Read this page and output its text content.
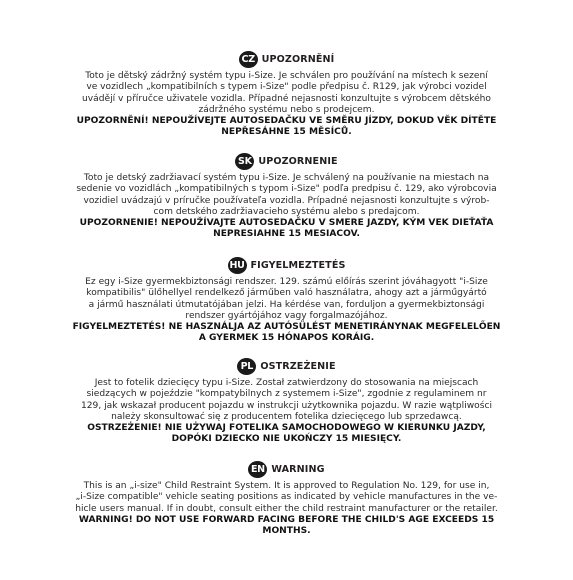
CZ UPOZORNĚNÍ
Toto je dětský zádržný systém typu i-Size. Je schválen pro používání na místech k sezení
ve vozidlech „kompatibilních s typem i-Size" podle předpisu č. R129, jak výrobci vozidel
uvádějí v příručce uživatele vozidla. Případné nejasnosti konzultujte s výrobcem dětského
zádržného systému nebo s prodejcem.
UPOZORNĚNÍ! NEPOUŽÍVEJTE AUTOSEDAČKU VE SMĚRU JÍZDY, DOKUD VĚK DÍTĚTE
NEPŘESÁHNE 15 MĚSÍCŮ.
SK UPOZORNENIE
Toto je detský zadržiavací systém typu i-Size. Je schválený na používanie na miestach na
sedenie vo vozidlách „kompatibilných s typom i-Size" podľa predpisu č. 129, ako výrobcovia
vozidiel uvádzajú v príručke používateľa vozidla. Prípadné nejasnosti konzultujte s výrob-
com detského zadržiavacieho systému alebo s predajcom.
UPOZORNENIE! NEPOUŽÍVAJTE AUTOSEDAČKU V SMERE JAZDY, KÝM VEK DIEŤAŤA
NEPRESIAHNE 15 MESIACOV.
HU FIGYELMEZTETÉS
Ez egy i-Size gyermekbiztonsági rendszer. 129. számú előírás szerint jóváhagyott "i-Size
kompatibilis" ülőhellyel rendelkező járműben való használatra, ahogy azt a járműgyártó
a jármű használati útmutatójában jelzi. Ha kérdése van, forduljon a gyermekbiztonsági
rendszer gyártójához vagy forgalmazójához.
FIGYELMEZTETÉS! NE HASZNÁLJA AZ AUTÓSÜLÉST MENETIRÁNYNAK MEGFELELŐEN
A GYERMEK 15 HÓNAPOS KORÁIG.
PL OSTRZEŻENIE
Jest to fotelik dziecięcy typu i-Size. Został zatwierdzony do stosowania na miejscach
siedzących w pojeździe "kompatybilnych z systemem i-Size", zgodnie z regulaminem nr
129, jak wskazał producent pojazdu w instrukcji użytkownika pojazdu. W razie wątpliwości
należy skonsultować się z producentem fotelika dziecięcego lub sprzedawcą.
OSTRZEŻENIE! NIE UŻYWAJ FOTELIKA SAMOCHODOWEGO W KIERUNKU JAZDY,
DOPÓKI DZIECKO NIE UKOŃCZY 15 MIESIĘCY.
EN WARNING
This is an „i-size" Child Restraint System. It is approved to Regulation No. 129, for use in,
„i-Size compatible" vehicle seating positions as indicated by vehicle manufactures in the ve-
hicle users manual. If in doubt, consult either the child restraint manufacturer or the retailer.
WARNING! DO NOT USE FORWARD FACING BEFORE THE CHILD'S AGE EXCEEDS 15
MONTHS.
